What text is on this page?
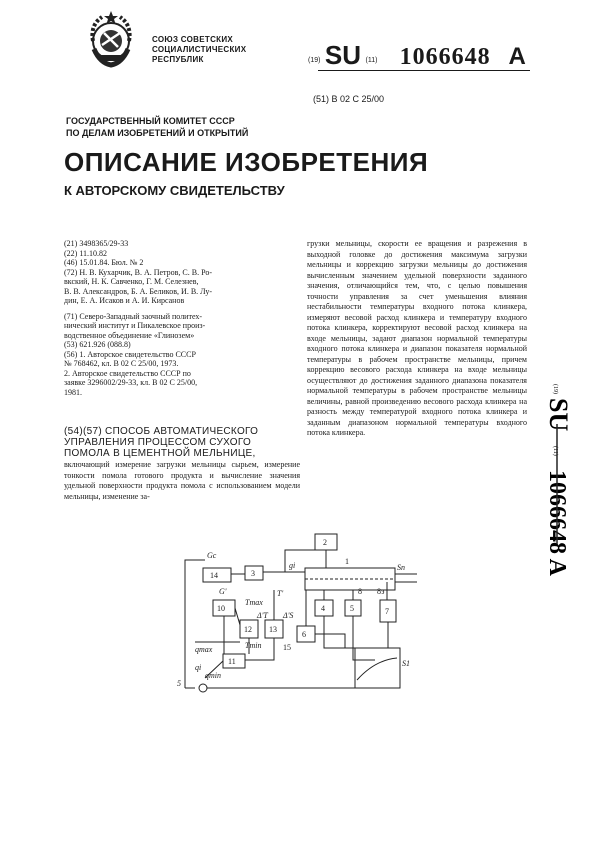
СОЮЗ СОВЕТСКИХ
СОЦИАЛИСТИЧЕСКИХ
РЕСПУБЛИК	(19) SU (11) 1066648 A
(51) В 02 С 25/00
ГОСУДАРСТВЕННЫЙ КОМИТЕТ СССР
ПО ДЕЛАМ ИЗОБРЕТЕНИЙ И ОТКРЫТИЙ
ОПИСАНИЕ ИЗОБРЕТЕНИЯ
К АВТОРСКОМУ СВИДЕТЕЛЬСТВУ

(21) 3498365/29-33

(22) 11.10.82

(46) 15.01.84. Бюл. № 2

(72) Н. В. Кухарчик, В. А. Петров, С. В. Ро-

вкский, Н. К. Савченко, Г. М. Селезнев,

В. В. Александров, Б. А. Беликов, И. В. Лу-

дин, Е. А. Исаков и А. И. Кирсанов

(71) Северо-Западный заочный политех-

нический институт и Пикалевское произ-

водственное объединение «Глинозем»

(53) 621.926 (088.8)

(56) 1. Авторское свидетельство СССР

№ 768462, кл. В 02 С 25/00, 1973.

2. Авторское свидетельство СССР по

заявке 3296002/29-33, кл. В 02 С 25/00,

1981.

(54)(57) СПОСОБ АВТОМАТИЧЕСКОГО УПРАВЛЕНИЯ ПРОЦЕССОМ СУХОГО ПОМОЛА В ЦЕМЕНТНОЙ МЕЛЬНИЦЕ,
включающий измерение загрузки мельницы сырьем, измерение тонкости помола готового продукта и вычисление значения удельной поверхности продукта помола с использованием модели мельницы, изменение за-
грузки мельницы, скорости ее вращения и разрежения в выходной головке до достижения максимума загрузки мельницы и коррекцию загрузки мельницы до достижения вычисленным значением удельной поверхности заданного значения, отличающийся тем, что, с целью повышения точности управления за счет уменьшения влияния нестабильности температуры входного потока клинкера, измеряют весовой расход клинкера и температуру входного потока клинкера, корректируют весовой расход клинкера на входе мельницы, задают диапазон нормальной температуры входного потока клинкера и диапазон показателя нормальной температуры в рабочем пространстве мельницы, причем коррекцию весового расхода клинкера на входе мельницы осуществляют до достижения заданного диапазона показателя нормальной температуры в рабочем пространстве мельницы величины, равной произведению весового расхода клинкера на разность между температурой входного потока клинкера и заданным диапазоном нормальной температуры входного потока клинкера.
(19)
SU
(11)
1066648 A
2
3
4	5
6
7
10
11
12 13
14
Gc
gi	1
G'	T'
Tmax
Tmin
Δ'T Δ'S
qmax
qmin
qi
Sn
S1
5
8 8э
15
